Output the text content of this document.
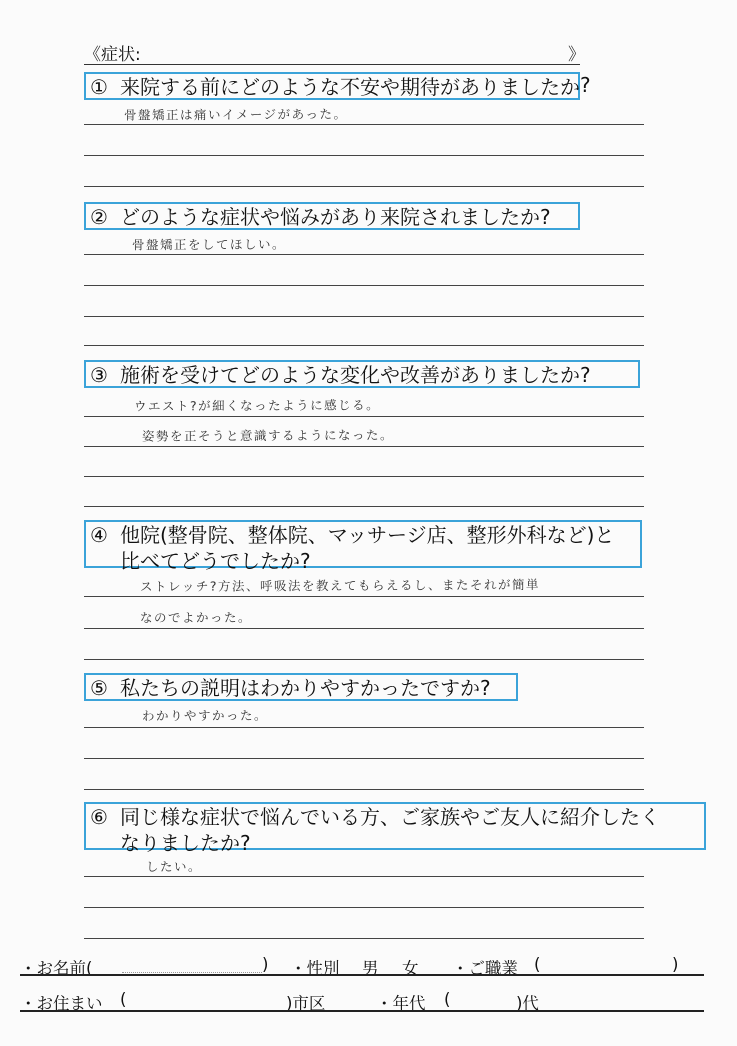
《症状:	》
① 来院する前にどのような不安や期待がありましたか ?
骨盤矯正は痛いイメージがあった。
② どのような症状や悩みがあり来院されましたか?
骨盤矯正をしてほしい。
③ 施術を受けてどのような変化や改善がありましたか?
ウエスト?が細くなったように感じる。
姿勢を正そうと意識するようになった。
④ 他院(整骨院、整体院、マッサージ店、整形外科など)と
比べてどうでしたか?
ストレッチ?方法、呼吸法を教えてもらえるし、またそれが簡単
なのでよかった。
⑤ 私たちの説明はわかりやすかったですか?
わかりやすかった。
⑥ 同じ様な症状で悩んでいる方、ご家族やご友人に紹介したく
なりましたか?
したい。
・お名前(	) ・性別 男 女 ・ご職業 (	)
・お住まい (	)市区	・年代 (	)代
